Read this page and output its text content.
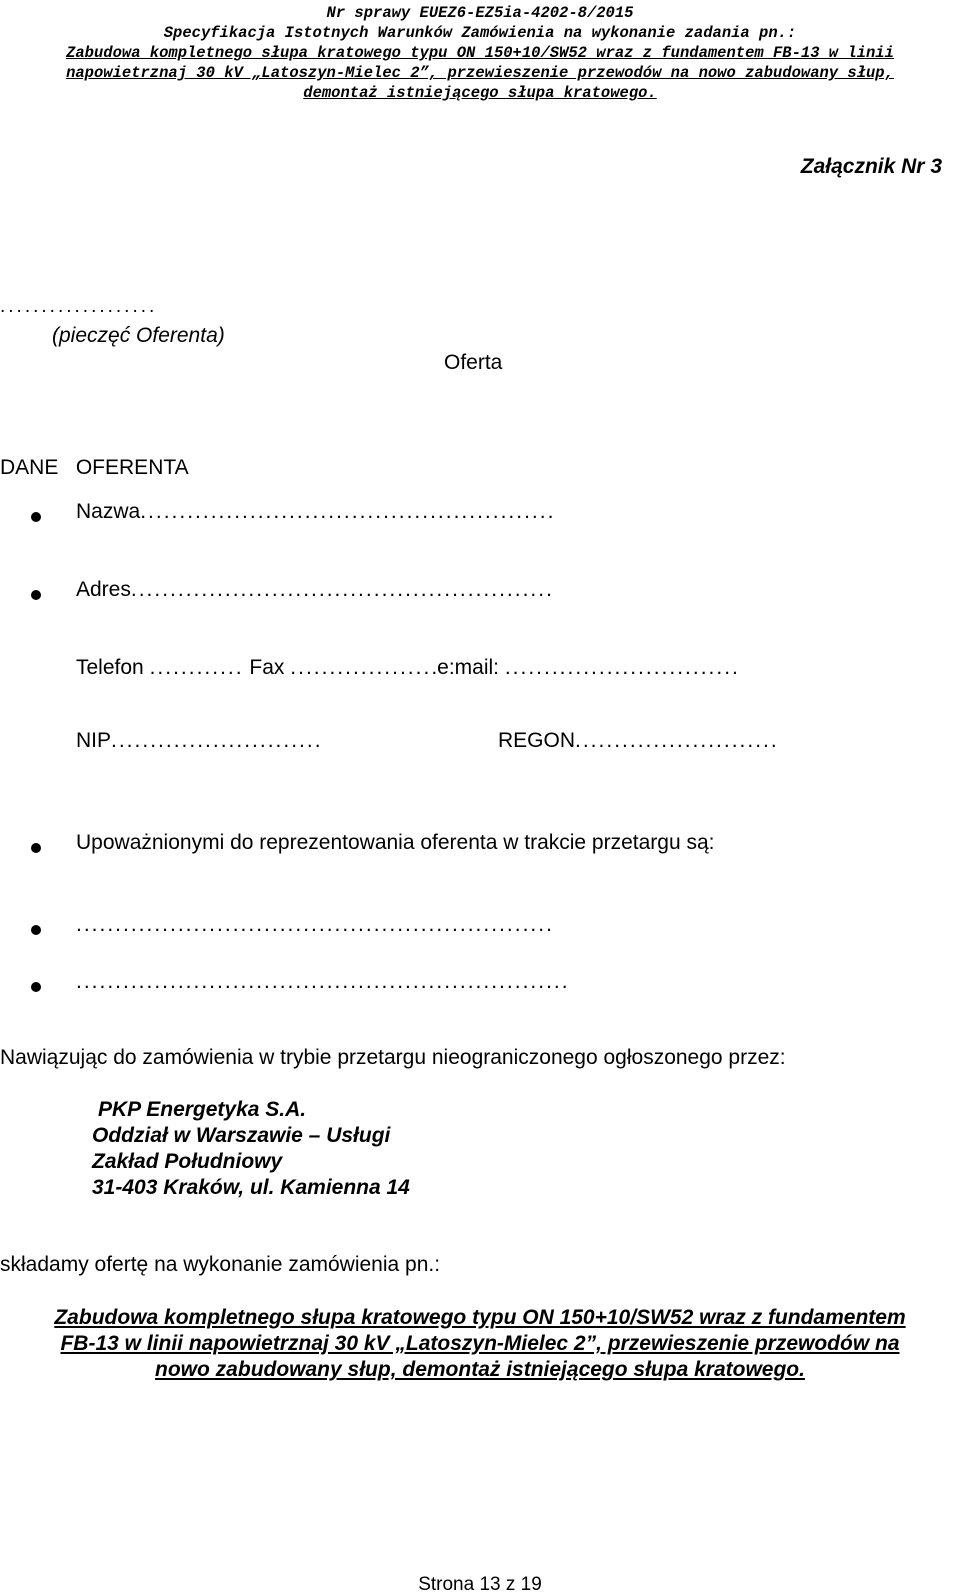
Nr sprawy EUEZ6-EZ5ia-4202-8/2015
Specyfikacja Istotnych Warunków Zamówienia na wykonanie zadania pn.:
Zabudowa kompletnego słupa kratowego typu ON 150+10/SW52 wraz z fundamentem FB-13 w linii
napowietrznaj 30 kV „Latoszyn-Mielec 2”, przewieszenie przewodów na nowo zabudowany słup,
demontaż istniejącego słupa kratowego.
Załącznik Nr 3
...................
(pieczęć Oferenta)
Oferta
DANE   OFERENTA
Nazwa.....................................................
Adres......................................................
Telefon ............ Fax ...................e:mail: ..............................
NIP...........................	REGON..........................
Upoważnionymi do reprezentowania oferenta w trakcie przetargu są:
.............................................................
...............................................................
Nawiązując do zamówienia w trybie przetargu nieograniczonego ogłoszonego przez:
PKP Energetyka S.A.
Oddział w Warszawie – Usługi
Zakład Południowy
31-403 Kraków, ul. Kamienna 14
składamy ofertę na wykonanie zamówienia pn.:
Zabudowa kompletnego słupa kratowego typu ON 150+10/SW52 wraz z fundamentem
FB-13 w linii napowietrznaj 30 kV „Latoszyn-Mielec 2”, przewieszenie przewodów na
nowo zabudowany słup, demontaż istniejącego słupa kratowego.
Strona 13 z 19
